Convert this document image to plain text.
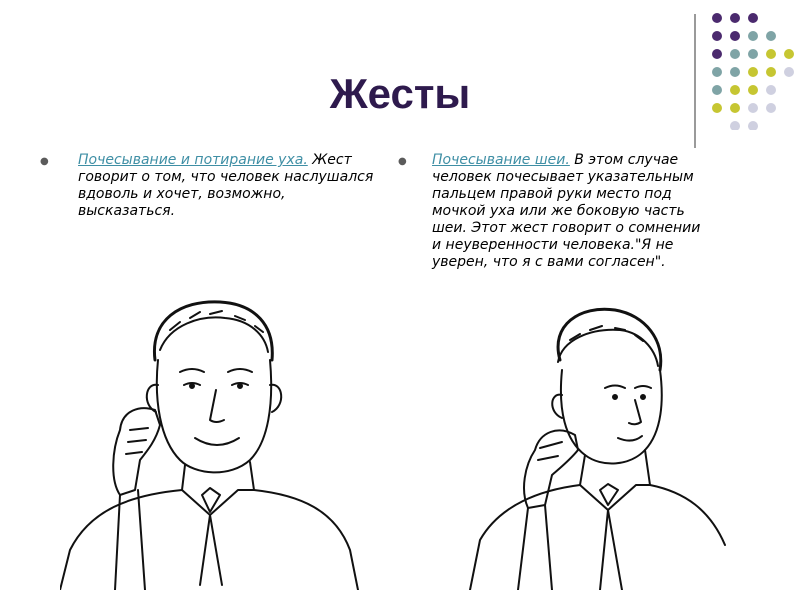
Жесты
● Почесывание и потирание уха. Жест говорит о том, что человек наслушался вдоволь и хочет, возможно, высказаться.
● Почесывание шеи. В этом случае человек почесывает указательным пальцем правой руки место под мочкой уха или же боковую часть шеи. Этот жест говорит о сомнении и неуверенности человека."Я не уверен, что я с вами согласен".
